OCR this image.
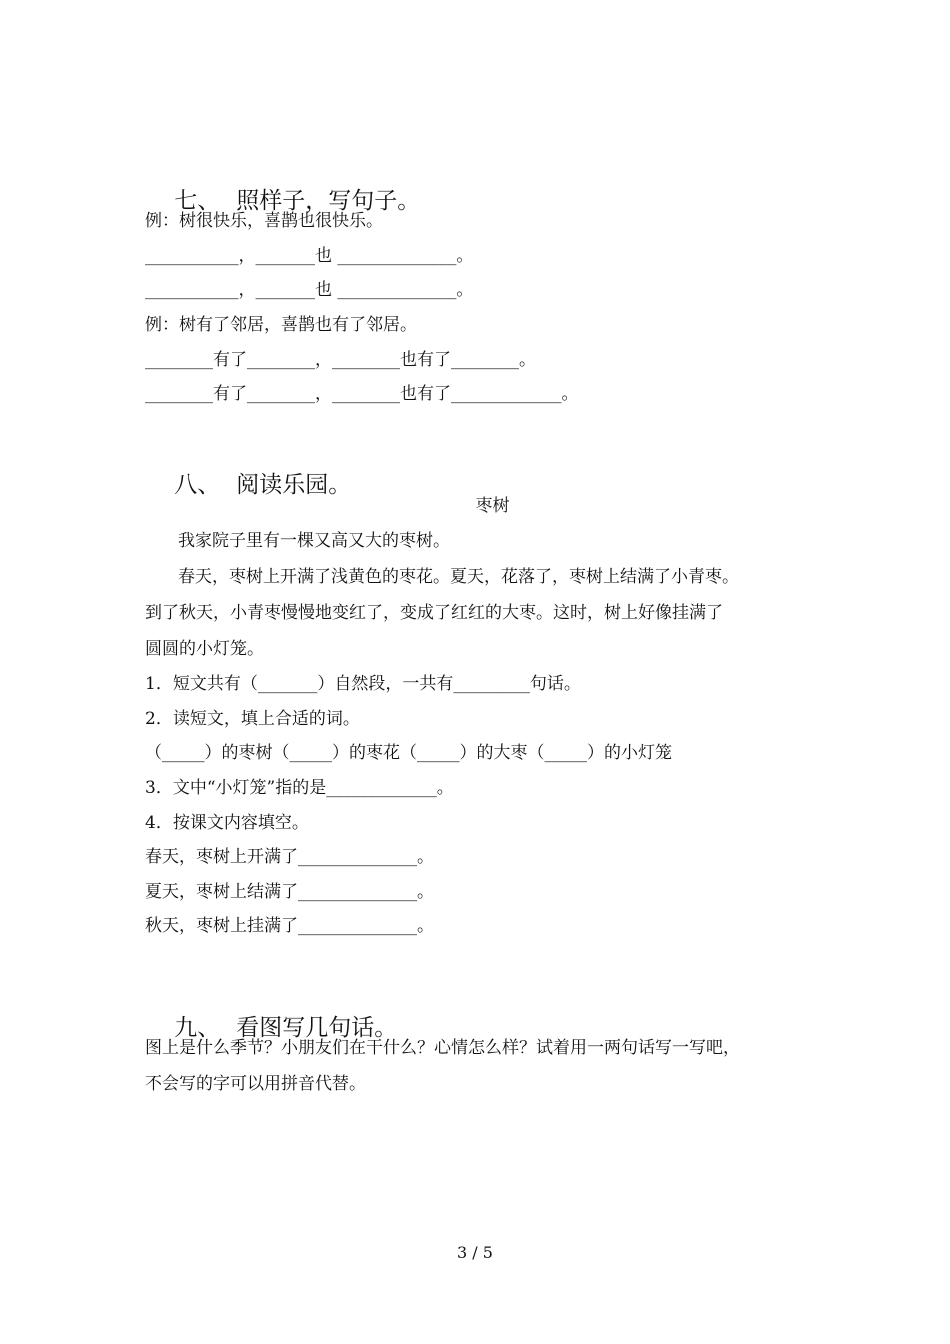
七、 照样子，写句子。

例：树很快乐，喜鹊也很快乐。
___________，_______也 ______________。
___________，_______也 ______________。
例：树有了邻居，喜鹊也有了邻居。
________有了________，________也有了________。
________有了________，________也有了_____________。

八、 阅读乐园。

枣树
我家院子里有一棵又高又大的枣树。
春天，枣树上开满了浅黄色的枣花。夏天，花落了，枣树上结满了小青枣。
到了秋天，小青枣慢慢地变红了，变成了红红的大枣。这时，树上好像挂满了
圆圆的小灯笼。
1．短文共有（_______）自然段，一共有_________句话。
2．读短文，填上合适的词。
（_____）的枣树（_____）的枣花（_____）的大枣（_____）的小灯笼
3．文中“小灯笼”指的是_____________。
4．按课文内容填空。
春天，枣树上开满了______________。
夏天，枣树上结满了______________。
秋天，枣树上挂满了______________。

九、 看图写几句话。

图上是什么季节？小朋友们在干什么？心情怎么样？试着用一两句话写一写吧，
不会写的字可以用拼音代替。
3 / 5
